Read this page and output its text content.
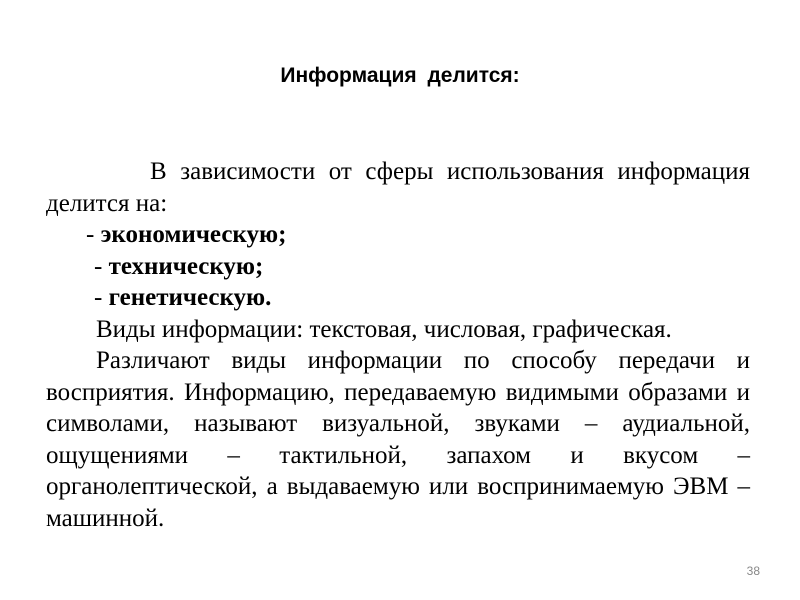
Информация делится:

В зависимости от сферы использования информация делится на:

- экономическую;

- техническую;

- генетическую.

Виды информации: текстовая, числовая, графическая.

Различают виды информации по способу передачи и восприятия. Информацию, передаваемую видимыми образами и символами, называют визуальной, звуками – аудиальной, ощущениями – тактильной, запахом и вкусом – органолептической, а выдаваемую или воспринимаемую ЭВМ – машинной.

38
